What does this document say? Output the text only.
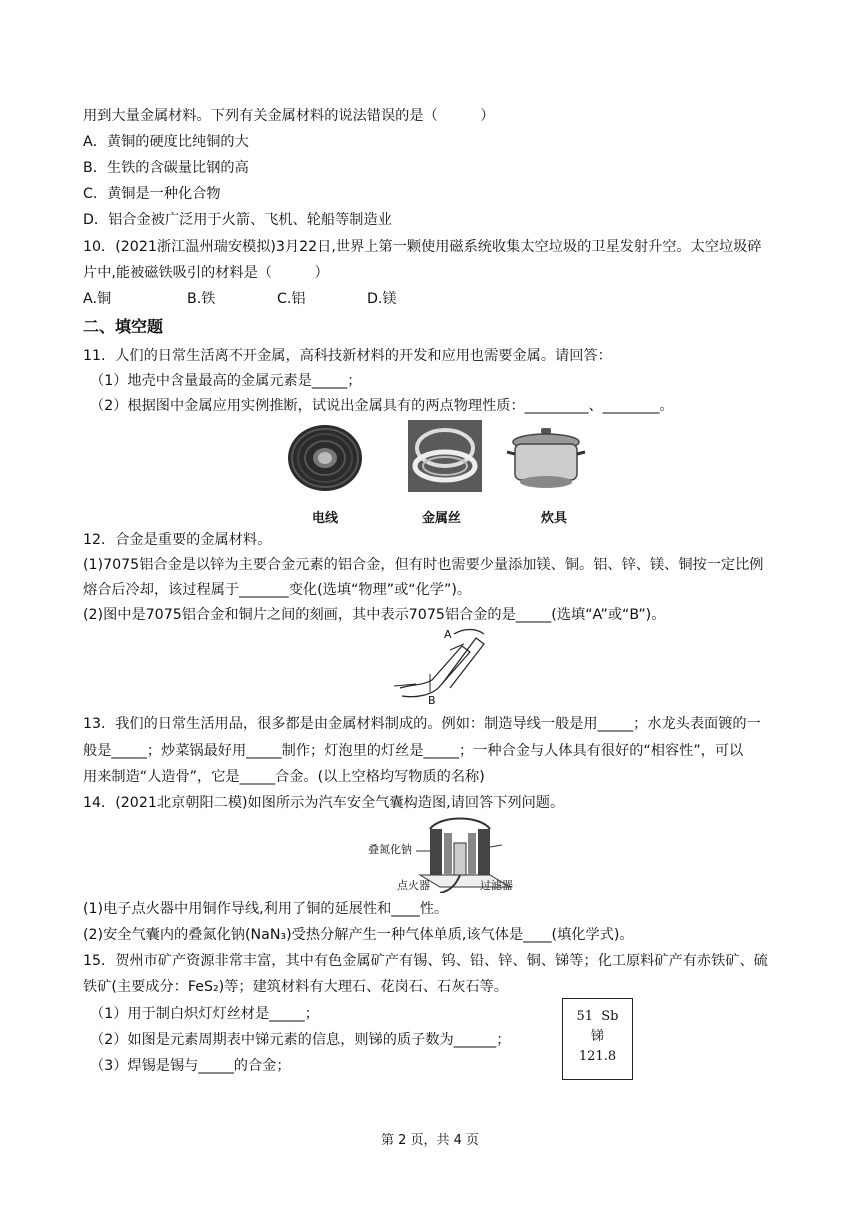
用到大量金属材料。下列有关金属材料的说法错误的是（　　　）
A．黄铜的硬度比纯铜的大
B．生铁的含碳量比钢的高
C．黄铜是一种化合物
D．铝合金被广泛用于火箭、飞机、轮船等制造业
10．(2021浙江温州瑞安模拟)3月22日,世界上第一颗使用磁系统收集太空垃圾的卫星发射升空。太空垃圾碎
片中,能被磁铁吸引的材料是（　　　）
A.铜	B.铁	C.铝	D.镁
二、填空题
11．人们的日常生活离不开金属，高科技新材料的开发和应用也需要金属。请回答：
（1）地壳中含量最高的金属元素是_____；
（2）根据图中金属应用实例推断，试说出金属具有的两点物理性质：_________、________。
电线	金属丝	炊具
12．合金是重要的金属材料。
(1)7075铝合金是以锌为主要合金元素的铝合金，但有时也需要少量添加镁、铜。铝、锌、镁、铜按一定比例
熔合后冷却，该过程属于_______变化(选填“物理”或“化学”)。
(2)图中是7075铝合金和铜片之间的刻画，其中表示7075铝合金的是_____(选填“A”或“B”)。
A
B
13．我们的日常生活用品，很多都是由金属材料制成的。例如：制造导线一般是用_____；水龙头表面镀的一
般是_____；炒菜锅最好用_____制作；灯泡里的灯丝是_____；一种合金与人体具有很好的“相容性”，可以
用来制造“人造骨”，它是_____合金。(以上空格均写物质的名称)
14．(2021北京朝阳二模)如图所示为汽车安全气囊构造图,请回答下列问题。
叠氮化钠
点火器	过滤器
(1)电子点火器中用铜作导线,利用了铜的延展性和____性。
(2)安全气囊内的叠氮化钠(NaN₃)受热分解产生一种气体单质,该气体是____(填化学式)。
15．贺州市矿产资源非常丰富，其中有色金属矿产有锡、钨、铅、锌、铜、锑等；化工原料矿产有赤铁矿、硫
铁矿(主要成分：FeS₂)等；建筑材料有大理石、花岗石、石灰石等。
（1）用于制白炽灯灯丝材是_____；
（2）如图是元素周期表中锑元素的信息，则锑的质子数为______；
（3）焊锡是锡与_____的合金；
51 Sb
锑
121.8
第 2 页，共 4 页
